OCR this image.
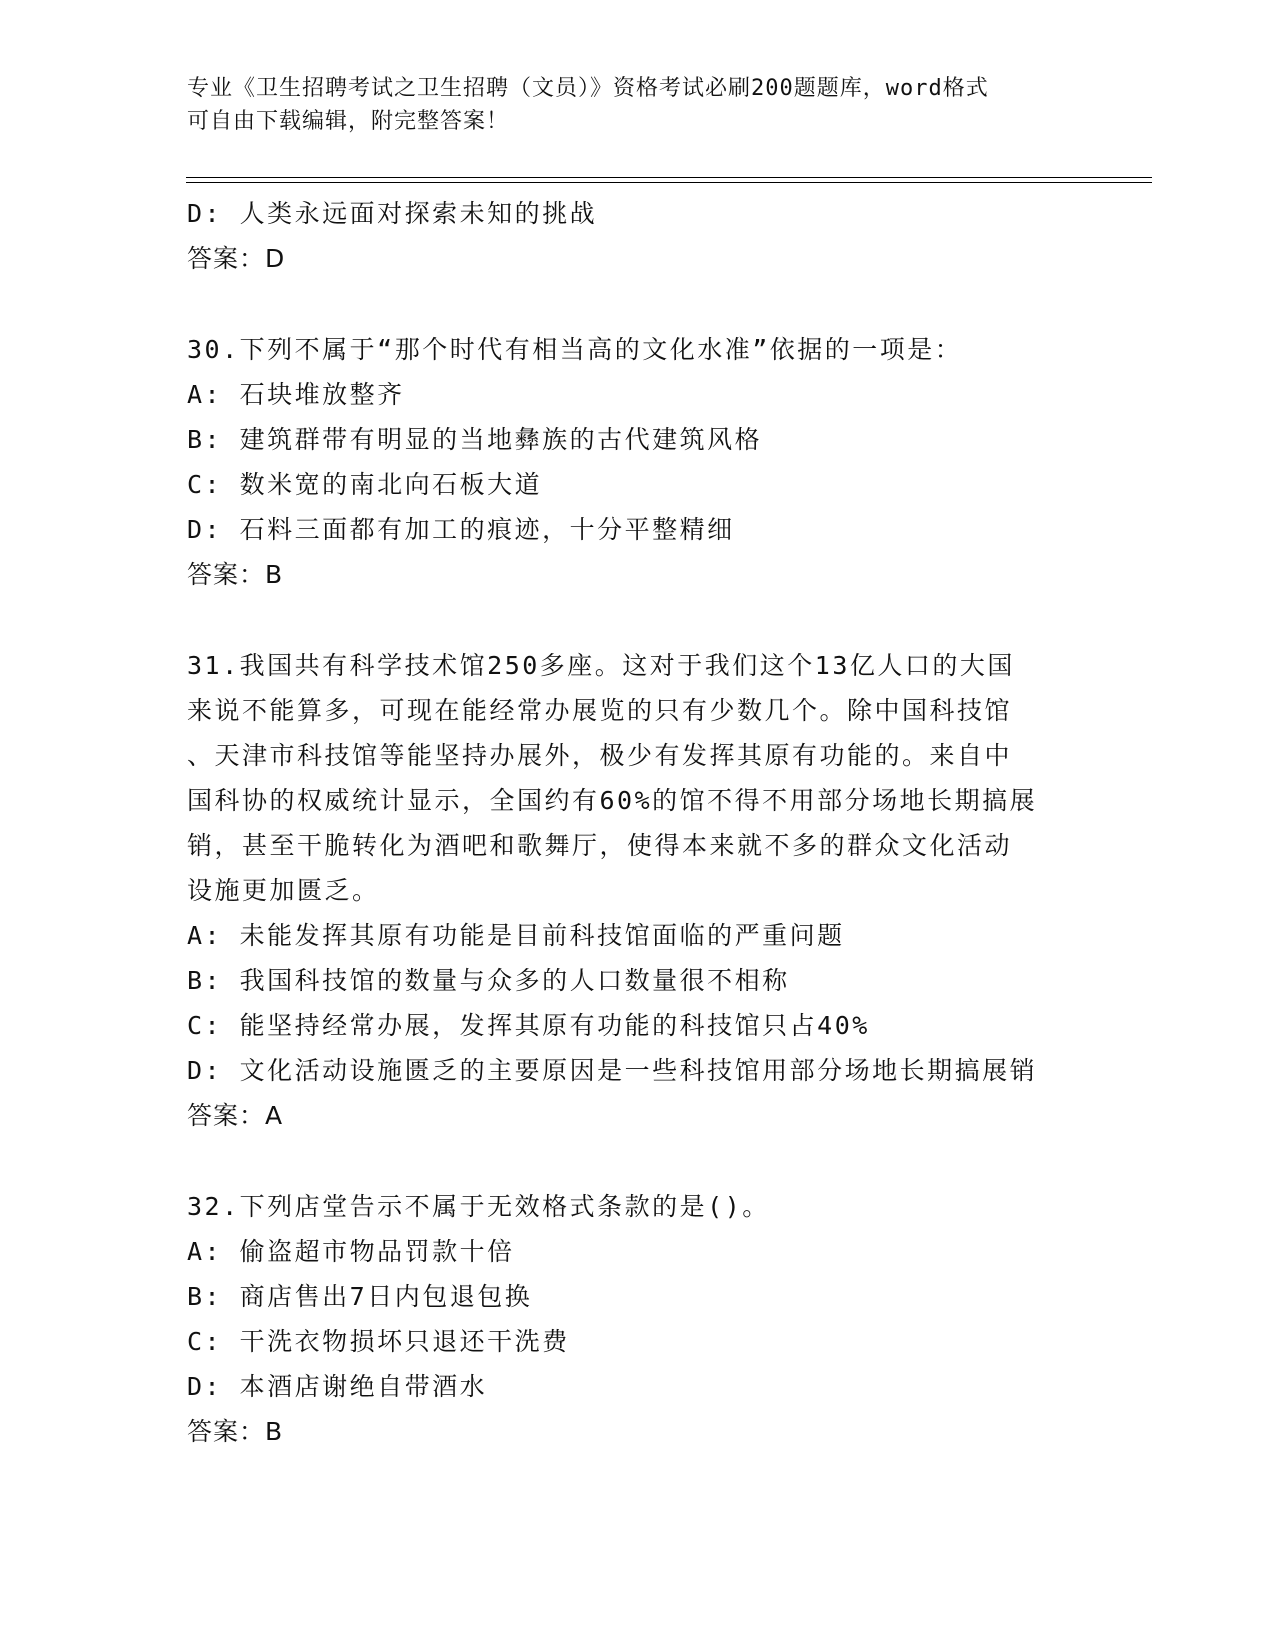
专业《卫生招聘考试之卫生招聘（文员）》资格考试必刷200题题库，word格式
可自由下载编辑，附完整答案！
D: 人类永远面对探索未知的挑战
答案：D
30.下列不属于“那个时代有相当高的文化水准”依据的一项是：
A: 石块堆放整齐
B: 建筑群带有明显的当地彝族的古代建筑风格
C: 数米宽的南北向石板大道
D: 石料三面都有加工的痕迹，十分平整精细
答案：B
31.我国共有科学技术馆250多座。这对于我们这个13亿人口的大国
来说不能算多，可现在能经常办展览的只有少数几个。除中国科技馆
、天津市科技馆等能坚持办展外，极少有发挥其原有功能的。来自中
国科协的权威统计显示，全国约有60%的馆不得不用部分场地长期搞展
销，甚至干脆转化为酒吧和歌舞厅，使得本来就不多的群众文化活动
设施更加匮乏。
A: 未能发挥其原有功能是目前科技馆面临的严重问题
B: 我国科技馆的数量与众多的人口数量很不相称
C: 能坚持经常办展，发挥其原有功能的科技馆只占40%
D: 文化活动设施匮乏的主要原因是一些科技馆用部分场地长期搞展销
答案：A
32.下列店堂告示不属于无效格式条款的是()。
A: 偷盗超市物品罚款十倍
B: 商店售出7日内包退包换
C: 干洗衣物损坏只退还干洗费
D: 本酒店谢绝自带酒水
答案：B
